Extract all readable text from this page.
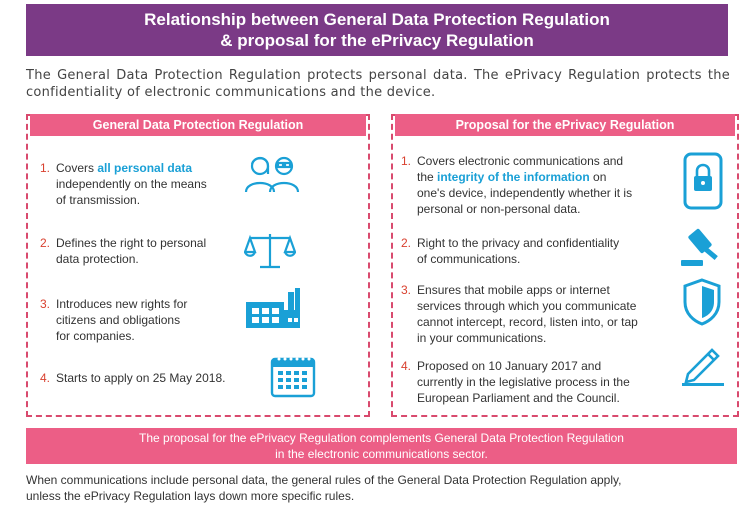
Relationship between General Data Protection Regulation
& proposal for the ePrivacy Regulation
The General Data Protection Regulation protects personal data. The ePrivacy Regulation protects the confidentiality of electronic communications and the device.
General Data Protection Regulation	Proposal for the ePrivacy Regulation
1. Covers all personal data
independently on the means
of transmission.
2. Defines the right to personal
data protection.
3. Introduces new rights for
citizens and obligations
for companies.
4. Starts to apply on 25 May 2018.
1. Covers electronic communications and
the integrity of the information on
one's device, independently whether it is
personal or non-personal data.
2. Right to the privacy and confidentiality
of communications.
3. Ensures that mobile apps or internet
services through which you communicate
cannot intercept, record, listen into, or tap
in your communications.
4. Proposed on 10 January 2017 and
currently in the legislative process in the
European Parliament and the Council.
The proposal for the ePrivacy Regulation complements General Data Protection Regulation
in the electronic communications sector.
When communications include personal data, the general rules of the General Data Protection Regulation apply,
unless the ePrivacy Regulation lays down more specific rules.
